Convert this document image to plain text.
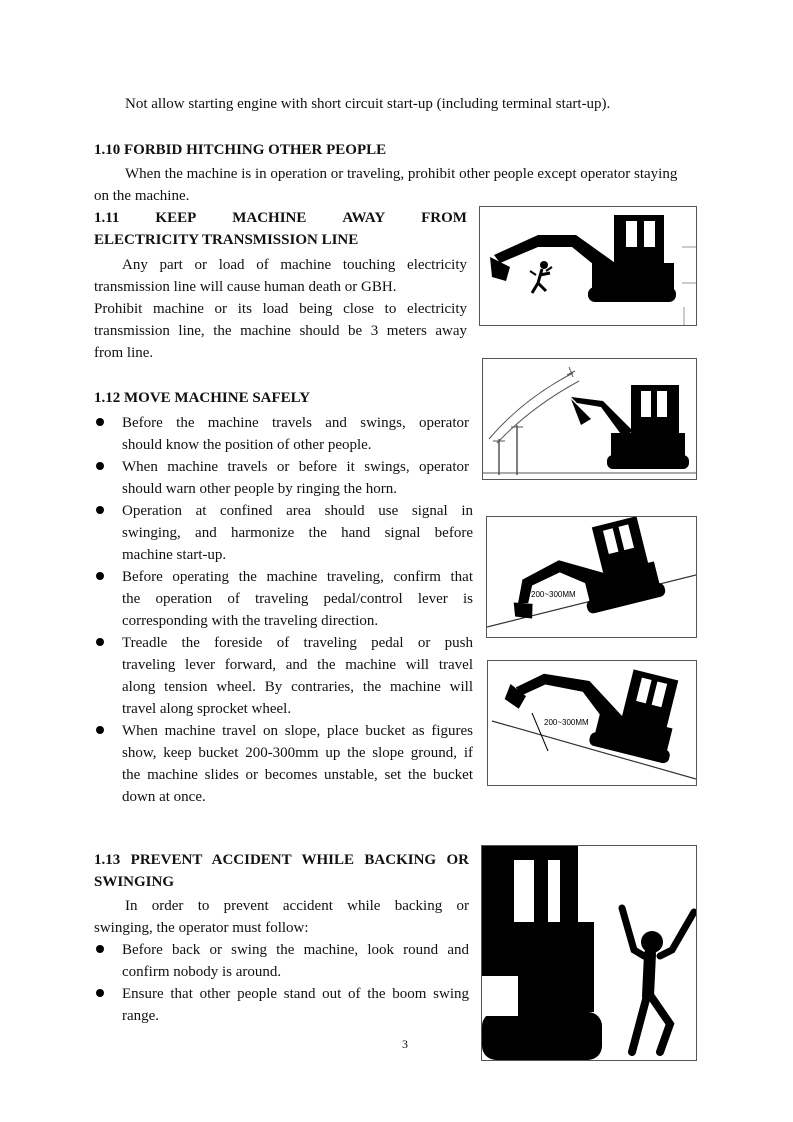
Not allow starting engine with short circuit start-up (including terminal start-up).
1.10 FORBID HITCHING OTHER PEOPLE
When the machine is in operation or traveling, prohibit other people except operator staying
on the machine.
1.11 KEEP MACHINE AWAY FROM
ELECTRICITY TRANSMISSION LINE
Any part or load of machine touching electricity
transmission line will cause human death or GBH.
Prohibit machine or its load being close to electricity
transmission line, the machine should be 3 meters away
from line.
1.12 MOVE MACHINE SAFELY
Before the machine travels and swings, operator
should know the position of other people.
When machine travels or before it swings, operator
should warn other people by ringing the horn.
Operation at confined area should use signal in
swinging, and harmonize the hand signal before
machine start-up.
Before operating the machine traveling, confirm that
the operation of traveling pedal/control lever is
corresponding with the traveling direction.
Treadle the foreside of traveling pedal or push
traveling lever forward, and the machine will travel
along tension wheel. By contraries, the machine will
travel along sprocket wheel.
When machine travel on slope, place bucket as figures
show, keep bucket 200-300mm up the slope ground, if
the machine slides or becomes unstable, set the bucket
down at once.
1.13 PREVENT ACCIDENT WHILE BACKING OR
SWINGING
In order to prevent accident while backing or
swinging, the operator must follow:
Before back or swing the machine, look round and
confirm nobody is around.
Ensure that other people stand out of the boom swing
range.
3
200~300MM
200~300MM
